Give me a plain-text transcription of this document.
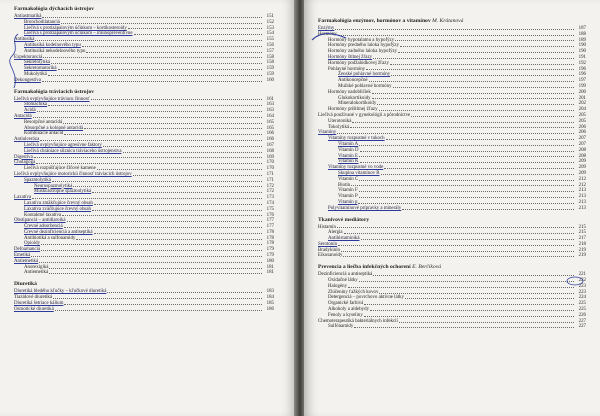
Farmakológia dýchacích ústrojov
Antiastmatiká	151
Bronchodilatanciá	152
Liečivá s protizápalovým účinkom – kortikosteroidy	153
Liečivá s protizápalovým účinkom – imunopreventívne	154
Antitusiká	155
Antitusiká kodeínového typu	156
Antitusiká nekodeínového typu	157
Expektoranciá	158
Sekretolytiká	158
Sekretomotoriká	159
Mukolytiká	159
Dekongestíva	160
Farmakológia tráviacich ústrojov
Liečivá ovplyvňujúce tráviacu činnosť	161
Stomachiká	163
Acidá	163
Antacidá	164
Resorpčné antacidá	165
Absorpčné a kolopné antacidá	165
Kombinácie antacíd	166
Antiulceróza	166
Liečivá ovplyvňujúce agresívne faktory	167
Liečivá chrániace sliznicu tráviaceho ústrojenstva	168
Digestíva	169
Cholagogá	170
Liečivá rozpúšťajúce žlčové kamene	170
Liečivá ovplyvňujúce motorickú činnosť tráviacich ústrojov	171
Spazmolytiká	171
Neurospazmolytiká	172
Muskulotropné spazmolytiká	172
Laxatíva	173
Laxatíva zmäkčujúce črevný obsah	174
Laxatíva zväčšujúce črevný obsah	175
Kontaktné laxatíva	176
Obstipanciá – antidiaroiká	177
Črevné adsorbenciá	177
Črevné dezinficienciá a antiseptiká	178
Antibiotiká a sulfonamidy	178
Opioidy	178
Defoamanciá	179
Emetiká	179
Antiemetiká	180
Anorexigiká	181
Antiemetiká	181
Diuretiká
Diuretiká bledého kľučky – kľučkové diuretiká	183
Tiazidové diuretiká	184
Diuretiká šetriace kálium	185
Osmotické diuretiká	186
Farmakológia enzýmov, hormónov a vitamínov M. Krátanová
Enzýmy	187
Hormóny	188
Hormóny hypotalamu a hypofýzy	189
Hormóny predného laloka hypofýzy	190
Hormóny zadného laloka hypofýzy	190
Hormóny štítnej žľazy	191
Hormóny podžalúdkovej žľazy	192
Pohlavné hormóny	196
Ženské pohlavné hormóny	196
Antikoncepčné	197
Mužské pohlavné hormóny	199
Hormóny nadobličiek	200
Glukokortikoidy	201
Mineralokortikoidy	202
Hormóny prištítnej žľazy	204
Liečivá používané v gynekológii a pôrodníctve	205
Uterotoniká	205
Tokolytiká	206
Vitamíny	206
Vitamíny rozpustné v tukoch	207
Vitamín A	207
Vitamín D	208
Vitamín E	208
Vitamín K	209
Vitamíny rozpustné vo vode	209
Skupina vitamínov B	209
Vitamín C	212
Biotín	212
Vitamín F	213
Vitamín P	213
Vitamín p	213
Polyvitamínové prípravky a minerály	213
Tkanivové mediátory
Histamín	215
Alergia	215
Antihistaminiká	217
Serotonín	218
Bradykinín	219
Eikosanoidy	219
Prevencia a liečba infekčných ochorení E. Berčíková
Dezinficienciá a antiseptiká	221
Oxidačné látky	222
Halogény	223
Zlúčeniny ťažkých kovov	223
Detergenciá – povrchovo aktívne látky	224
Organické farbivá	225
Alkoholy a aldehydy	225
Fenoly a kyseliny	226
Chemoterapeutiká bakteriálnych infekcií	227
Sulfónamidy	227
